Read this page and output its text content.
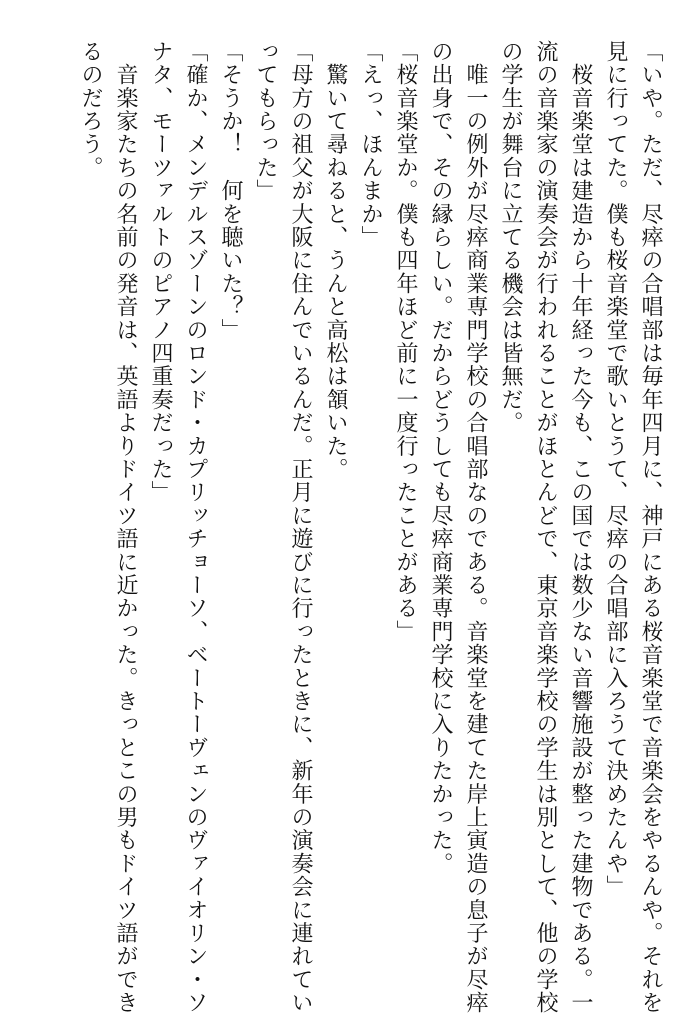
「いや。ただ、尽瘁の合唱部は毎年四月に、神戸にある桜音楽堂で音楽会をやるんや。それを
見に行ってた。僕も桜音楽堂で歌いとうて、尽瘁の合唱部に入ろうて決めたんや」
　桜音楽堂は建造から十年経った今も、この国では数少ない音響施設が整った建物である。一
流の音楽家の演奏会が行われることがほとんどで、東京音楽学校の学生は別として、他の学校
の学生が舞台に立てる機会は皆無だ。
　唯一の例外が尽瘁商業専門学校の合唱部なのである。音楽堂を建てた岸上寅造の息子が尽瘁
の出身で、その縁らしい。だからどうしても尽瘁商業専門学校に入りたかった。
「桜音楽堂か。僕も四年ほど前に一度行ったことがある」
「えっ、ほんまか」
　驚いて尋ねると、うんと高松は頷いた。
「母方の祖父が大阪に住んでいるんだ。正月に遊びに行ったときに、新年の演奏会に連れてい
ってもらった」
「そうか！　何を聴いた？」
「確か、メンデルスゾーンのロンド・カプリッチョーソ、ベートーヴェンのヴァイオリン・ソ
ナタ、モーツァルトのピアノ四重奏だった」
　音楽家たちの名前の発音は、英語よりドイツ語に近かった。きっとこの男もドイツ語ができ
るのだろう。
